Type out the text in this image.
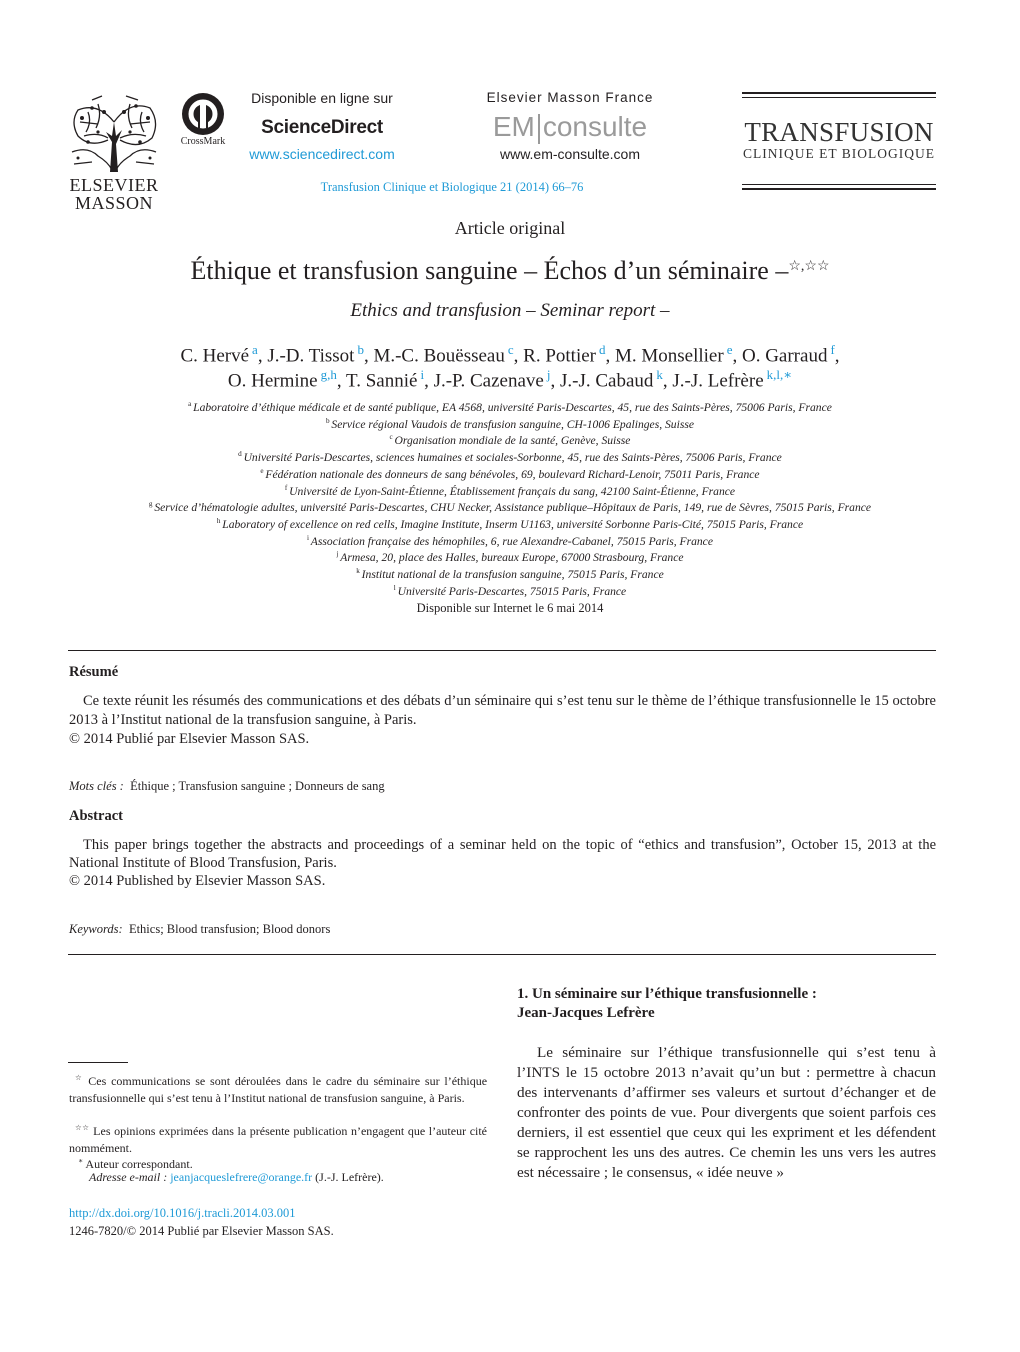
ELSEVIER
MASSON
CrossMark
Disponible en ligne sur
ScienceDirect
www.sciencedirect.com
Elsevier Masson France
EM consulte
www.em-consulte.com
TRANSFUSION
CLINIQUE ET BIOLOGIQUE
Transfusion Clinique et Biologique 21 (2014) 66–76
Article original
Éthique et transfusion sanguine – Échos d’un séminaire –☆,☆☆
Ethics and transfusion – Seminar report –
C. Hervé $^a$, J.-D. Tissot $^b$, M.-C. Bouësseau $^c$, R. Pottier $^d$, M. Monsellier $^e$, O. Garraud $^f$,
O. Hermine $^{g,h}$, T. Sannié $^i$, J.-P. Cazenave $^j$, J.-J. Cabaud $^k$, J.-J. Lefrère $^{k,l,∗}$
$^a$ Laboratoire d’éthique médicale et de santé publique, EA 4568, université Paris-Descartes, 45, rue des Saints-Pères, 75006 Paris, France
$^b$ Service régional Vaudois de transfusion sanguine, CH-1006 Epalinges, Suisse
$^c$ Organisation mondiale de la santé, Genève, Suisse
$^d$ Université Paris-Descartes, sciences humaines et sociales-Sorbonne, 45, rue des Saints-Pères, 75006 Paris, France
$^e$ Fédération nationale des donneurs de sang bénévoles, 69, boulevard Richard-Lenoir, 75011 Paris, France
$^f$ Université de Lyon-Saint-Étienne, Établissement français du sang, 42100 Saint-Étienne, France
$^g$ Service d’hématologie adultes, université Paris-Descartes, CHU Necker, Assistance publique–Hôpitaux de Paris, 149, rue de Sèvres, 75015 Paris, France
$^h$ Laboratory of excellence on red cells, Imagine Institute, Inserm U1163, université Sorbonne Paris-Cité, 75015 Paris, France
$^i$ Association française des hémophiles, 6, rue Alexandre-Cabanel, 75015 Paris, France
$^j$ Armesa, 20, place des Halles, bureaux Europe, 67000 Strasbourg, France
$^k$ Institut national de la transfusion sanguine, 75015 Paris, France
$^l$ Université Paris-Descartes, 75015 Paris, France
Disponible sur Internet le 6 mai 2014
Résumé
Ce texte réunit les résumés des communications et des débats d’un séminaire qui s’est tenu sur le thème de l’éthique transfusionnelle le 15 octobre 2013 à l’Institut national de la transfusion sanguine, à Paris.
© 2014 Publié par Elsevier Masson SAS.
Mots clés : Éthique ; Transfusion sanguine ; Donneurs de sang
Abstract
This paper brings together the abstracts and proceedings of a seminar held on the topic of “ethics and transfusion”, October 15, 2013 at the National Institute of Blood Transfusion, Paris.
© 2014 Published by Elsevier Masson SAS.
Keywords: Ethics; Blood transfusion; Blood donors
☆ Ces communications se sont déroulées dans le cadre du séminaire sur l’éthique transfusionnelle qui s’est tenu à l’Institut national de transfusion sanguine, à Paris.
☆☆ Les opinions exprimées dans la présente publication n’engagent que l’auteur cité nommément.
∗ Auteur correspondant.
Adresse e-mail : jeanjacqueslefrere@orange.fr (J.-J. Lefrère).
http://dx.doi.org/10.1016/j.tracli.2014.03.001
1246-7820/© 2014 Publié par Elsevier Masson SAS.
1. Un séminaire sur l’éthique transfusionnelle :
Jean-Jacques Lefrère
Le séminaire sur l’éthique transfusionnelle qui s’est tenu à l’INTS le 15 octobre 2013 n’avait qu’un but : permettre à chacun des intervenants d’affirmer ses valeurs et surtout d’échanger et de confronter des points de vue. Pour divergents que soient parfois ces derniers, il est essentiel que ceux qui les expriment et les défendent se rapprochent les uns des autres. Ce chemin les uns vers les autres est nécessaire ; le consensus, « idée neuve »
